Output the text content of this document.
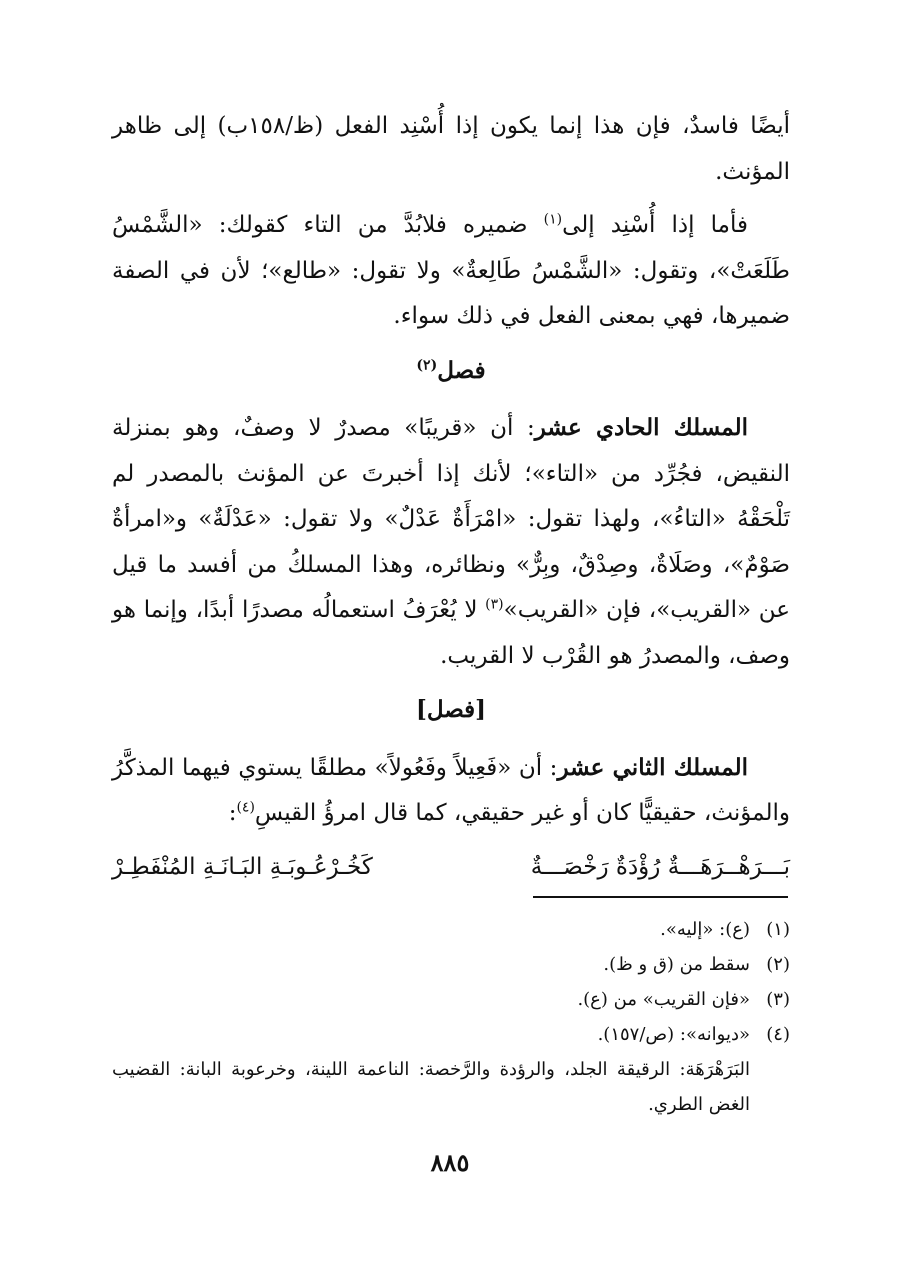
أيضًا فاسدٌ، فإن هذا إنما يكون إذا أُسْنِد الفعل (ظ/١٥٨ب) إلى ظاهر المؤنث.

فأما إذا أُسْنِد إلى$^{(١)}$ ضميره فلابُدَّ من التاء كقولك: «الشَّمْسُ طَلَعَتْ»، وتقول: «الشَّمْسُ طَالِعةٌ» ولا تقول: «طالع»؛ لأن في الصفة ضميرها، فهي بمعنى الفعل في ذلك سواء.

فصل$^{(٢)}$

المسلك الحادي عشر: أن «قريبًا» مصدرٌ لا وصفٌ، وهو بمنزلة النقيض، فجُرِّد من «التاء»؛ لأنك إذا أخبرتَ عن المؤنث بالمصدر لم تَلْحَقْهُ «التاءُ»، ولهذا تقول: «امْرَأَةٌ عَدْلٌ» ولا تقول: «عَدْلَةٌ» و«امرأةٌ صَوْمٌ»، وصَلَاةٌ، وصِدْقٌ، وبِرٌّ» ونظائره، وهذا المسلكُ من أفسد ما قيل عن «القريب»، فإن «القريب»$^{(٣)}$ لا يُعْرَفُ استعمالُه مصدرًا أبدًا، وإنما هو وصف، والمصدرُ هو القُرْب لا القريب.

[فصل]

المسلك الثاني عشر: أن «فَعِيلاً وفَعُولاً» مطلقًا يستوي فيهما المذكَّرُ والمؤنث، حقيقيًّا كان أو غير حقيقي، كما قال امرؤُ القيسِ$^{(٤)}$:

بَـــرَهْــرَهَـــةٌ رُؤْدَةٌ رَخْصَـــةٌ
كَخُـرْعُـوبَـةِ البَـانَـةِ المُنْفَطِـرْ
(١)
(ع): «إليه».
(٢)
سقط من (ق و ظ).
(٣)
«فإن القريب» من (ع).
(٤)
«ديوانه»: (ص/١٥٧).
البَرَهْرَهَة: الرقيقة الجلد، والرؤدة والرَّخصة: الناعمة اللينة، وخرعوبة البانة: القضيب الغض الطري.
٨٨٥
